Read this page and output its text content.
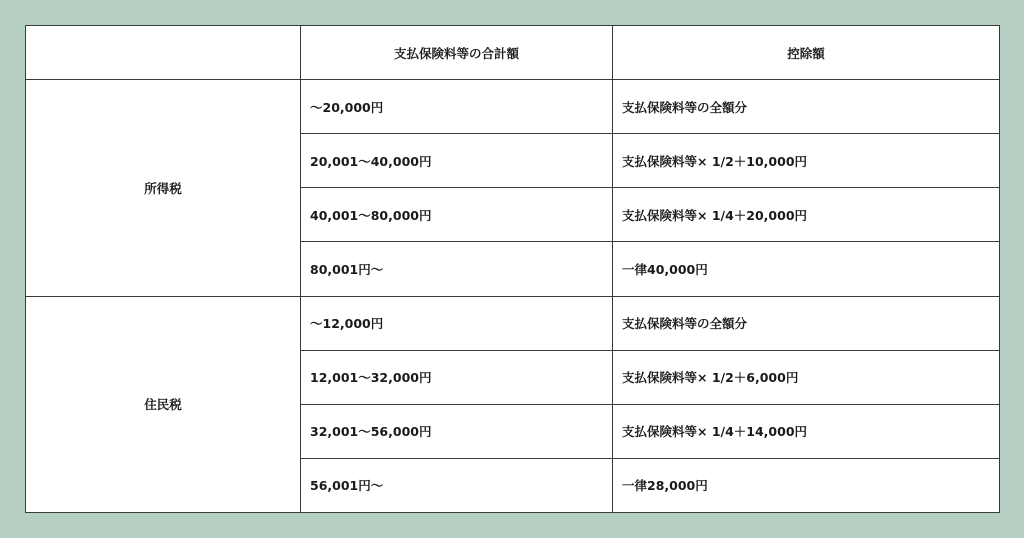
	支払保険料等の合計額	控除額
所得税	～20,000円	支払保険料等の全額分
	20,001～40,000円	支払保険料等× 1/2＋10,000円
	40,001～80,000円	支払保険料等× 1/4＋20,000円
	80,001円～	一律40,000円
住民税	～12,000円	支払保険料等の全額分
	12,001～32,000円	支払保険料等× 1/2＋6,000円
	32,001～56,000円	支払保険料等× 1/4＋14,000円
	56,001円～	一律28,000円
